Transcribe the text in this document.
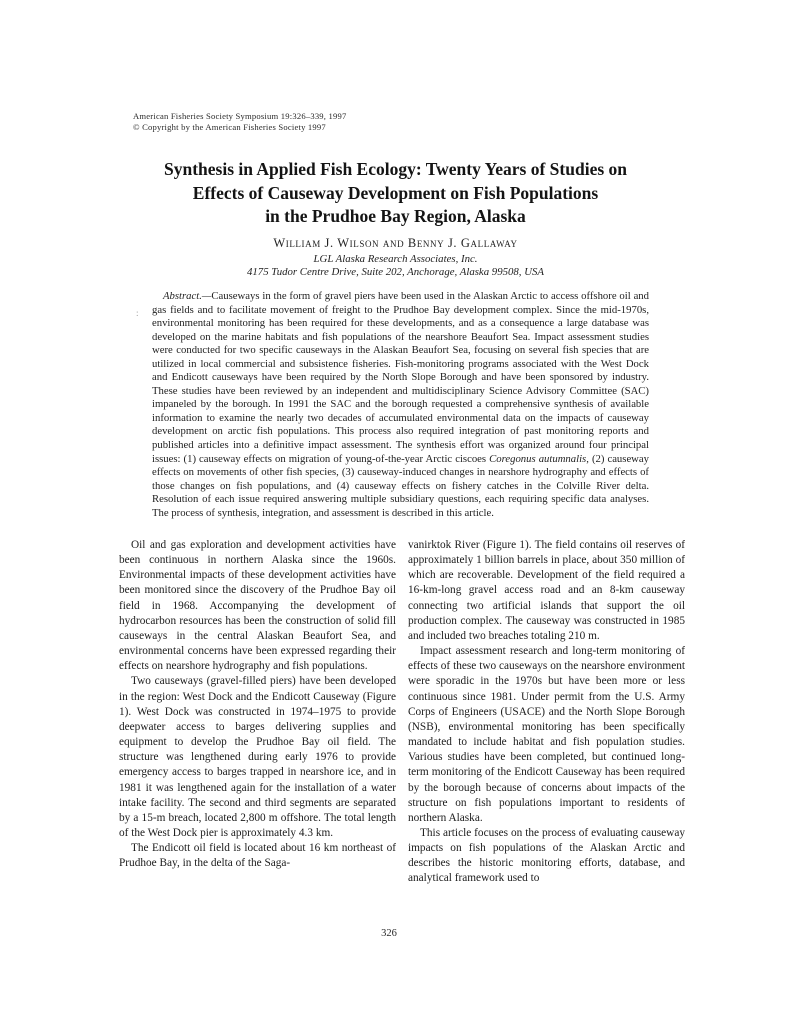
American Fisheries Society Symposium 19:326–339, 1997
© Copyright by the American Fisheries Society 1997
Synthesis in Applied Fish Ecology: Twenty Years of Studies on
Effects of Causeway Development on Fish Populations
in the Prudhoe Bay Region, Alaska
William J. Wilson and Benny J. Gallaway
LGL Alaska Research Associates, Inc.
4175 Tudor Centre Drive, Suite 202, Anchorage, Alaska 99508, USA
:
Abstract.—Causeways in the form of gravel piers have been used in the Alaskan Arctic to access offshore oil and gas fields and to facilitate movement of freight to the Prudhoe Bay development complex. Since the mid-1970s, environmental monitoring has been required for these developments, and as a consequence a large database was developed on the marine habitats and fish populations of the nearshore Beaufort Sea. Impact assessment studies were conducted for two specific causeways in the Alaskan Beaufort Sea, focusing on several fish species that are utilized in local commercial and subsistence fisheries. Fish-monitoring programs associated with the West Dock and Endicott causeways have been required by the North Slope Borough and have been sponsored by industry. These studies have been reviewed by an independent and multidisciplinary Science Advisory Committee (SAC) impaneled by the borough. In 1991 the SAC and the borough requested a comprehensive synthesis of available information to examine the nearly two decades of accumulated environmental data on the impacts of causeway development on arctic fish populations. This process also required integration of past monitoring reports and published articles into a definitive impact assessment. The synthesis effort was organized around four principal issues: (1) causeway effects on migration of young-of-the-year Arctic ciscoes Coregonus autumnalis, (2) causeway effects on movements of other fish species, (3) causeway-induced changes in nearshore hydrography and effects of those changes on fish populations, and (4) causeway effects on fishery catches in the Colville River delta. Resolution of each issue required answering multiple subsidiary questions, each requiring specific data analyses. The process of synthesis, integration, and assessment is described in this article.

Oil and gas exploration and development activities have been continuous in northern Alaska since the 1960s. Environmental impacts of these development activities have been monitored since the discovery of the Prudhoe Bay oil field in 1968. Accompanying the development of hydrocarbon resources has been the construction of solid fill causeways in the central Alaskan Beaufort Sea, and environmental concerns have been expressed regarding their effects on nearshore hydrography and fish populations.

Two causeways (gravel-filled piers) have been developed in the region: West Dock and the Endicott Causeway (Figure 1). West Dock was constructed in 1974–1975 to provide deepwater access to barges delivering supplies and equipment to develop the Prudhoe Bay oil field. The structure was lengthened during early 1976 to provide emergency access to barges trapped in nearshore ice, and in 1981 it was lengthened again for the installation of a water intake facility. The second and third segments are separated by a 15-m breach, located 2,800 m offshore. The total length of the West Dock pier is approximately 4.3 km.

The Endicott oil field is located about 16 km northeast of Prudhoe Bay, in the delta of the Saga-

vanirktok River (Figure 1). The field contains oil reserves of approximately 1 billion barrels in place, about 350 million of which are recoverable. Development of the field required a 16-km-long gravel access road and an 8-km causeway connecting two artificial islands that support the oil production complex. The causeway was constructed in 1985 and included two breaches totaling 210 m.

Impact assessment research and long-term monitoring of effects of these two causeways on the nearshore environment were sporadic in the 1970s but have been more or less continuous since 1981. Under permit from the U.S. Army Corps of Engineers (USACE) and the North Slope Borough (NSB), environmental monitoring has been specifically mandated to include habitat and fish population studies. Various studies have been completed, but continued long-term monitoring of the Endicott Causeway has been required by the borough because of concerns about impacts of the structure on fish populations important to residents of northern Alaska.

This article focuses on the process of evaluating causeway impacts on fish populations of the Alaskan Arctic and describes the historic monitoring efforts, database, and analytical framework used to

326
